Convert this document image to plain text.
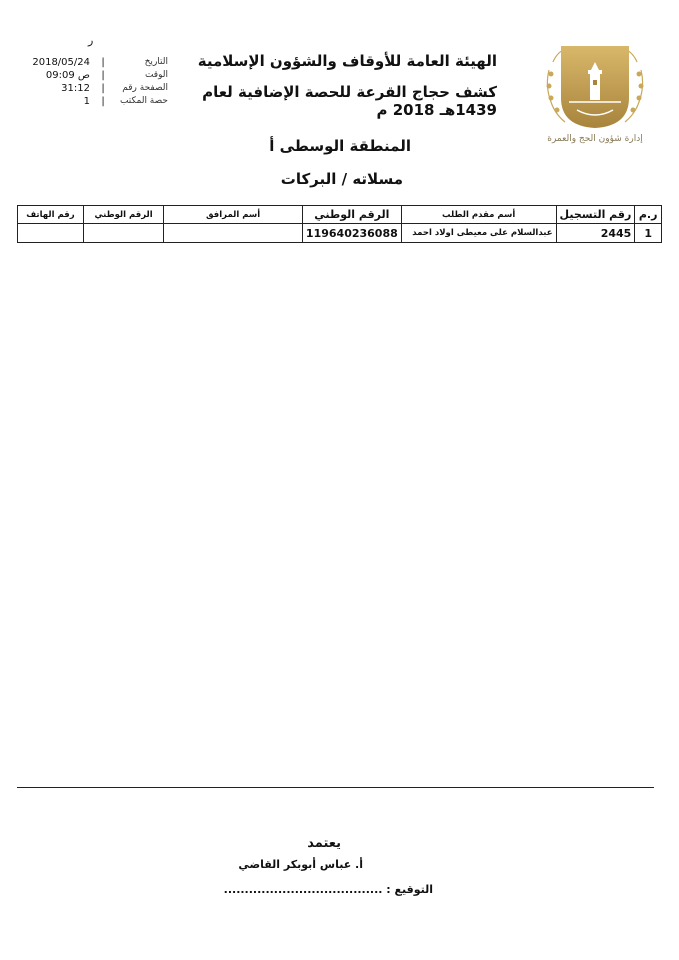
إدارة شؤون الحج والعمرة
ر
2018/05/24	|	التاريخ
09:09 ص	|	الوقت
31:12	|	الصفحة رقم
1	|	حصة المكتب
الهيئة العامة للأوقاف والشؤون الإسلامية
كشف حجاج القرعة للحصة الإضافية لعام
1439هـ 2018 م
المنطقة الوسطى أ
مسلاته / البركات
ر.م	رقم التسجيل	أسم مقدم الطلب	الرقم الوطني	أسم المرافق	الرقم الوطني	رقم الهاتف
1	2445	عبدالسلام على معيطى اولاد احمد	119640236088			
يعتمد
أ. عباس أبوبكر القاضي
التوقيع : ......................................
